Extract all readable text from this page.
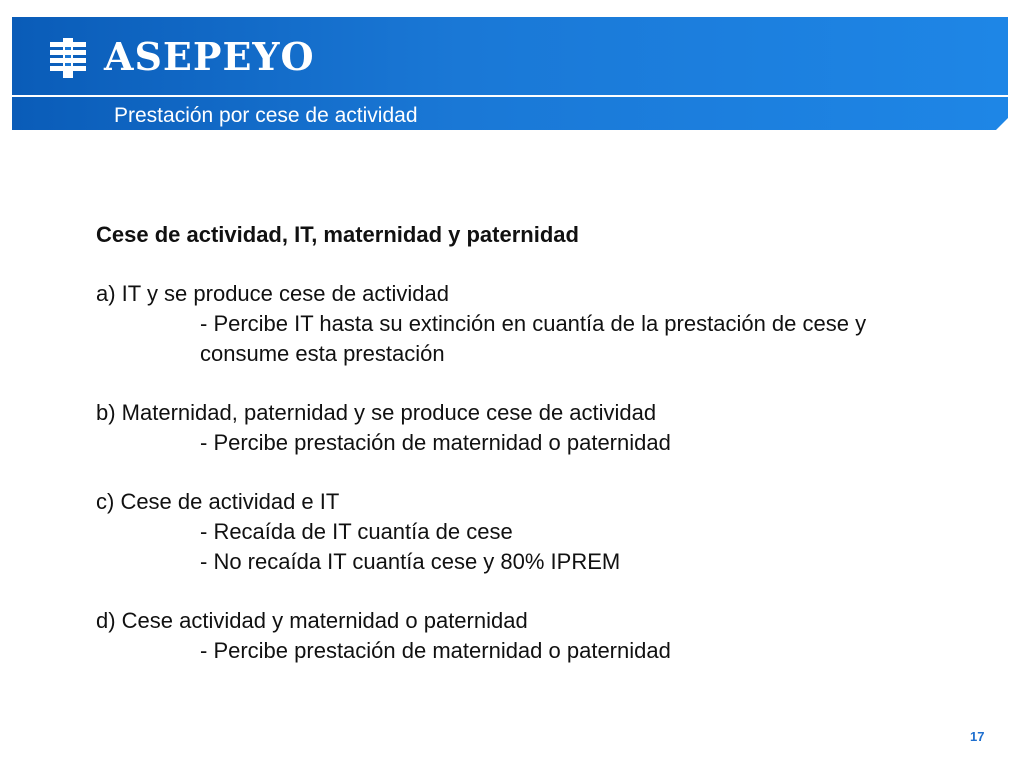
ASEPEYO
Prestación por cese de actividad

Cese de actividad, IT, maternidad y paternidad

a) IT y se produce cese de actividad

- Percibe IT hasta su extinción en cuantía de la prestación de cese y consume esta prestación

b) Maternidad, paternidad y se produce cese de actividad

- Percibe prestación de maternidad o paternidad

c) Cese de actividad e IT

- Recaída de IT cuantía de cese

- No recaída IT cuantía cese y 80% IPREM

d) Cese actividad y maternidad o paternidad

- Percibe prestación de maternidad o paternidad

17
